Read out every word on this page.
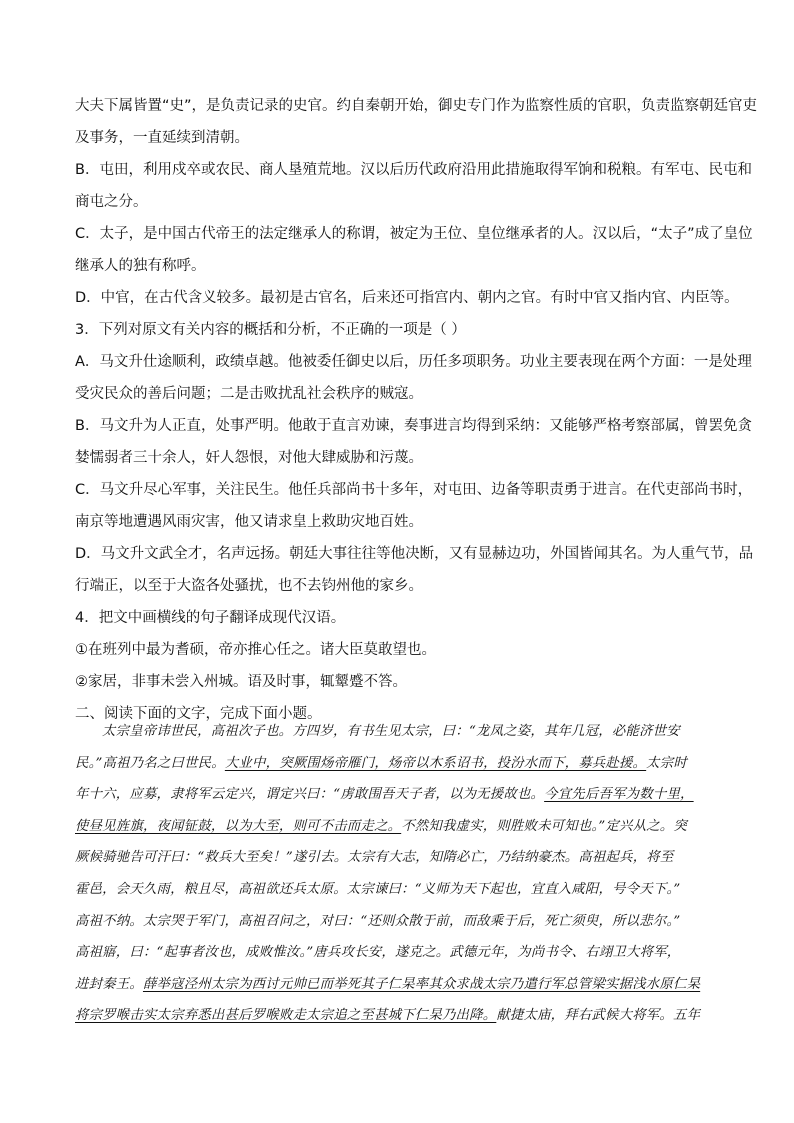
大夫下属皆置“史”，是负责记录的史官。约自秦朝开始，御史专门作为监察性质的官职，负责监察朝廷官吏
及事务，一直延续到清朝。
B．屯田，利用戍卒或农民、商人垦殖荒地。汉以后历代政府沿用此措施取得军饷和税粮。有军屯、民屯和
商屯之分。
C．太子，是中国古代帝王的法定继承人的称谓，被定为王位、皇位继承者的人。汉以后，“太子”成了皇位
继承人的独有称呼。
D．中官，在古代含义较多。最初是古官名，后来还可指宫内、朝内之官。有时中官又指内官、内臣等。
3．下列对原文有关内容的概括和分析，不正确的一项是（ ）
A．马文升仕途顺利，政绩卓越。他被委任御史以后，历任多项职务。功业主要表现在两个方面：一是处理
受灾民众的善后问题；二是击败扰乱社会秩序的贼寇。
B．马文升为人正直，处事严明。他敢于直言劝谏，奏事进言均得到采纳：又能够严格考察部属，曾罢免贪
婪懦弱者三十余人，奸人怨恨，对他大肆威胁和污蔑。
C．马文升尽心军事，关注民生。他任兵部尚书十多年，对屯田、边备等职责勇于进言。在代吏部尚书时，
南京等地遭遇风雨灾害，他又请求皇上救助灾地百姓。
D．马文升文武全才，名声远扬。朝廷大事往往等他决断，又有显赫边功，外国皆闻其名。为人重气节，品
行端正，以至于大盗各处骚扰，也不去钧州他的家乡。
4．把文中画横线的句子翻译成现代汉语。
①在班列中最为耆硕，帝亦推心任之。诸大臣莫敢望也。
②家居，非事未尝入州城。语及时事，辄颦蹙不答。
二、阅读下面的文字，完成下面小题。
太宗皇帝讳世民，高祖次子也。方四岁，有书生见太宗，曰：“龙凤之姿，其年几冠，必能济世安
民。”高祖乃名之曰世民。大业中，突厥围炀帝雁门，炀帝以木系诏书，投汾水而下，募兵赴援。太宗时
年十六，应募，隶将军云定兴，谓定兴曰：“虏敢围吾天子者，以为无援故也。今宜先后吾军为数十里，
使昼见旌旗，夜闻钲鼓，以为大至，则可不击而走之。不然知我虚实，则胜败未可知也。”定兴从之。突
厥候骑驰告可汗曰：“救兵大至矣！”遂引去。太宗有大志，知隋必亡，乃结纳豪杰。高祖起兵，将至
霍邑，会天久雨，粮且尽，高祖欲还兵太原。太宗谏曰：“义师为天下起也，宜直入咸阳，号令天下。”
高祖不纳。太宗哭于军门，高祖召问之，对曰：“还则众散于前，而敌乘于后，死亡须臾，所以悲尔。”
高祖寤，曰：“起事者汝也，成败惟汝。”唐兵攻长安，遂克之。武德元年，为尚书令、右翊卫大将军，
进封秦王。薛举寇泾州太宗为西讨元帅已而举死其子仁杲率其众求战太宗乃遣行军总管梁实据浅水原仁杲
将宗罗喉击实太宗弃悉出甚后罗喉败走太宗追之至甚城下仁杲乃出降。献捷太庙，拜右武候大将军。五年
